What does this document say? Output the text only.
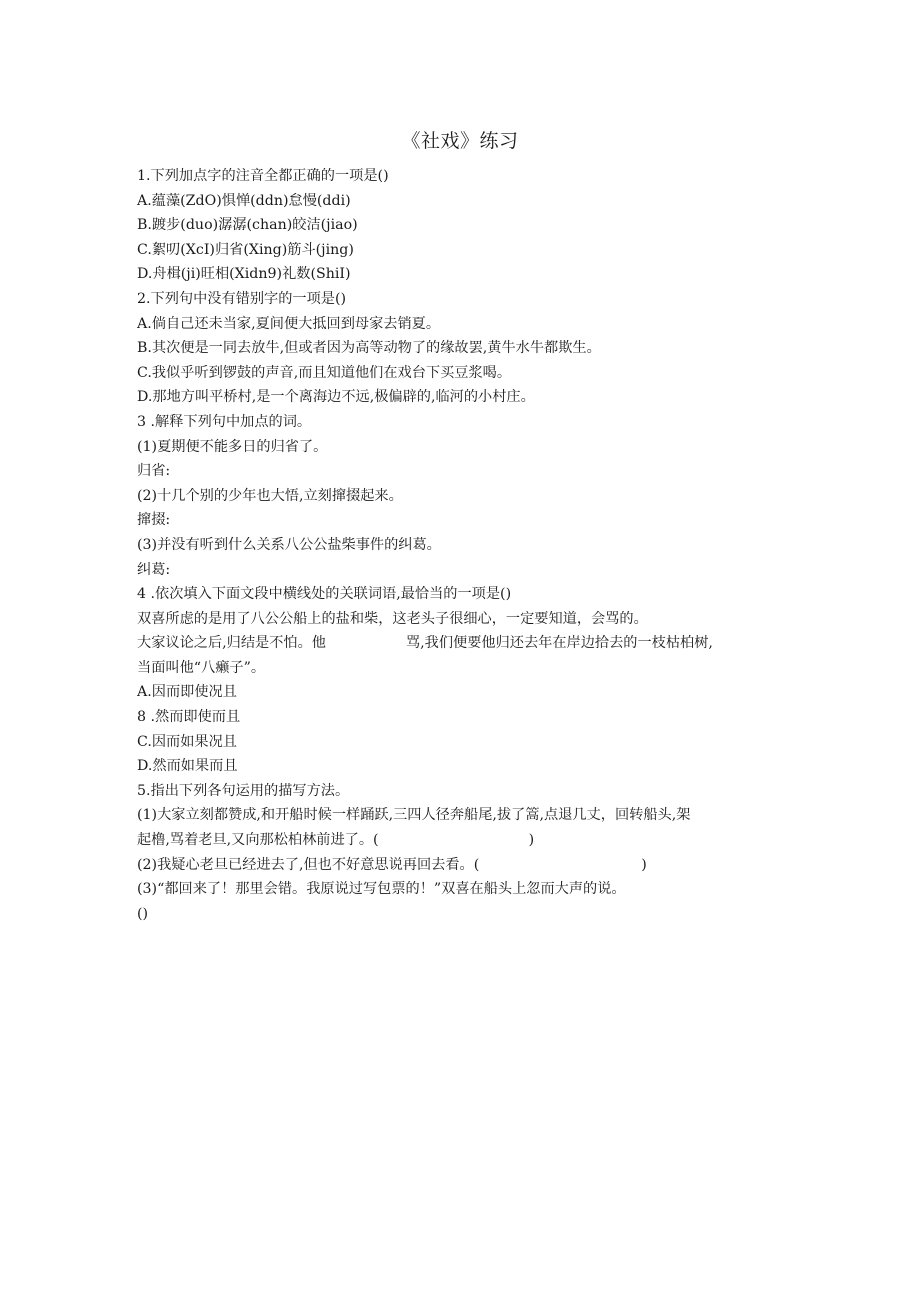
《社戏》练习
1.下列加点字的注音全都正确的一项是()
A.蕴藻(ZdO)惧惮(ddn)怠慢(ddi)
B.踱步(duo)潺潺(chan)皎洁(jiao)
C.絮叨(XcI)归省(Xing)筋斗(jing)
D.舟楫(ji)旺相(Xidn9)礼数(ShiI)
2.下列句中没有错别字的一项是()
A.倘自己还未当家,夏间便大抵回到母家去销夏。
B.其次便是一同去放牛,但或者因为高等动物了的缘故罢,黄牛水牛都欺生。
C.我似乎听到锣鼓的声音,而且知道他们在戏台下买豆浆喝。
D.那地方叫平桥村,是一个离海边不远,极偏辟的,临河的小村庄。
3 .解释下列句中加点的词。
(1)夏期便不能多日的归省了。
归省:
(2)十几个别的少年也大悟,立刻撺掇起来。
撺掇:
(3)并没有听到什么关系八公公盐柴事件的纠葛。
纠葛:
4 .依次填入下面文段中横线处的关联词语,最恰当的一项是()
双喜所虑的是用了八公公船上的盐和柴，这老头子很细心，一定要知道，会骂的。
大家议论之后,归结是不怕。他	骂,我们便要他归还去年在岸边拾去的一枝枯柏树,
当面叫他“八癞子”。
A.因而即使况且
8 .然而即使而且
C.因而如果况且
D.然而如果而且
5.指出下列各句运用的描写方法。
(1)大家立刻都赞成,和开船时候一样踊跃,三四人径奔船尾,拔了篙,点退几丈，回转船头,架
起橹,骂着老旦,又向那松柏林前进了。(	)
(2)我疑心老旦已经进去了,但也不好意思说再回去看。(	)
(3)“都回来了！那里会错。我原说过写包票的！”双喜在船头上忽而大声的说。
()
